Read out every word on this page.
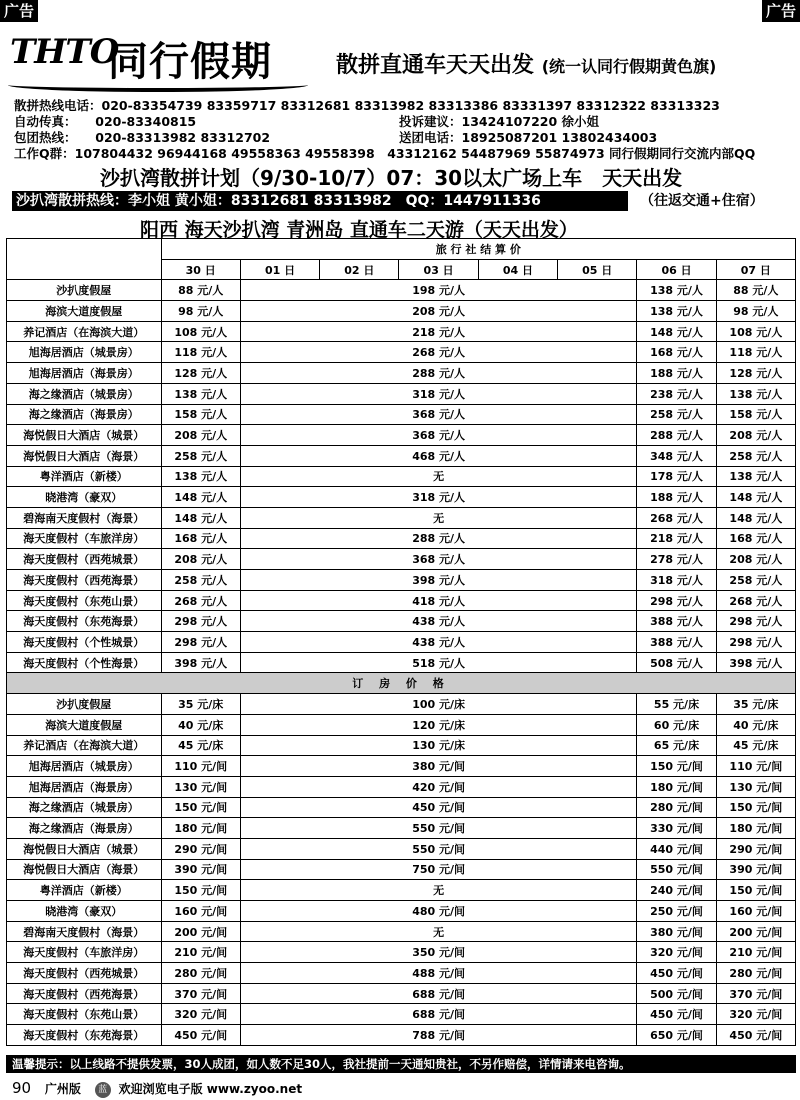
广告	广告
THTO
同行假期	散拼直通车天天出发 (统一认同行假期黄色旗)
散拼热线电话：020-83354739 83359717 83312681 83313982 83313386 83331397 83312322 83313323
自动传真：　　020-83340815	投诉建议：13424107220 徐小姐
包团热线：　　020-83313982 83312702	送团电话：18925087201 13802434003
工作Q群：107804432 96944168 49558363 49558398　43312162 54487969 55874973 同行假期同行交流内部QQ
沙扒湾散拼计划（9/30-10/7）07：30以太广场上车　天天出发
沙扒湾散拼热线：李小姐 黄小姐：83312681 83313982　QQ：1447911336	（往返交通+住宿）
阳西 海天沙扒湾 青洲岛 直通车二天游（天天出发）
	旅 行 社 结 算 价							
	30 日	01 日	02 日	03 日	04 日	05 日	06 日	07 日
沙扒度假屋	88 元/人	198 元/人					138 元/人	88 元/人
海滨大道度假屋	98 元/人	208 元/人					138 元/人	98 元/人
养记酒店（在海滨大道）	108 元/人	218 元/人					148 元/人	108 元/人
旭海居酒店（城景房）	118 元/人	268 元/人					168 元/人	118 元/人
旭海居酒店（海景房）	128 元/人	288 元/人					188 元/人	128 元/人
海之缘酒店（城景房）	138 元/人	318 元/人					238 元/人	138 元/人
海之缘酒店（海景房）	158 元/人	368 元/人					258 元/人	158 元/人
海悦假日大酒店（城景）	208 元/人	368 元/人					288 元/人	208 元/人
海悦假日大酒店（海景）	258 元/人	468 元/人					348 元/人	258 元/人
粤洋酒店（新楼）	138 元/人	无					178 元/人	138 元/人
晓港湾（豪双）	148 元/人	318 元/人					188 元/人	148 元/人
碧海南天度假村（海景）	148 元/人	无					268 元/人	148 元/人
海天度假村（车旅洋房）	168 元/人	288 元/人					218 元/人	168 元/人
海天度假村（西苑城景）	208 元/人	368 元/人					278 元/人	208 元/人
海天度假村（西苑海景）	258 元/人	398 元/人					318 元/人	258 元/人
海天度假村（东苑山景）	268 元/人	418 元/人					298 元/人	268 元/人
海天度假村（东苑海景）	298 元/人	438 元/人					388 元/人	298 元/人
海天度假村（个性城景）	298 元/人	438 元/人					388 元/人	298 元/人
海天度假村（个性海景）	398 元/人	518 元/人					508 元/人	398 元/人
订 房 价 格								
沙扒度假屋	35 元/床	100 元/床					55 元/床	35 元/床
海滨大道度假屋	40 元/床	120 元/床					60 元/床	40 元/床
养记酒店（在海滨大道）	45 元/床	130 元/床					65 元/床	45 元/床
旭海居酒店（城景房）	110 元/间	380 元/间					150 元/间	110 元/间
旭海居酒店（海景房）	130 元/间	420 元/间					180 元/间	130 元/间
海之缘酒店（城景房）	150 元/间	450 元/间					280 元/间	150 元/间
海之缘酒店（海景房）	180 元/间	550 元/间					330 元/间	180 元/间
海悦假日大酒店（城景）	290 元/间	550 元/间					440 元/间	290 元/间
海悦假日大酒店（海景）	390 元/间	750 元/间					550 元/间	390 元/间
粤洋酒店（新楼）	150 元/间	无					240 元/间	150 元/间
晓港湾（豪双）	160 元/间	480 元/间					250 元/间	160 元/间
碧海南天度假村（海景）	200 元/间	无					380 元/间	200 元/间
海天度假村（车旅洋房）	210 元/间	350 元/间					320 元/间	210 元/间
海天度假村（西苑城景）	280 元/间	488 元/间					450 元/间	280 元/间
海天度假村（西苑海景）	370 元/间	688 元/间					500 元/间	370 元/间
海天度假村（东苑山景）	320 元/间	688 元/间					450 元/间	320 元/间
海天度假村（东苑海景）	450 元/间	788 元/间					650 元/间	450 元/间
温馨提示：以上线路不提供发票，30人成团，如人数不足30人，我社提前一天通知贵社，不另作赔偿，详情请来电咨询。
90 广州版 蓝 欢迎浏览电子版 www.zyoo.net
